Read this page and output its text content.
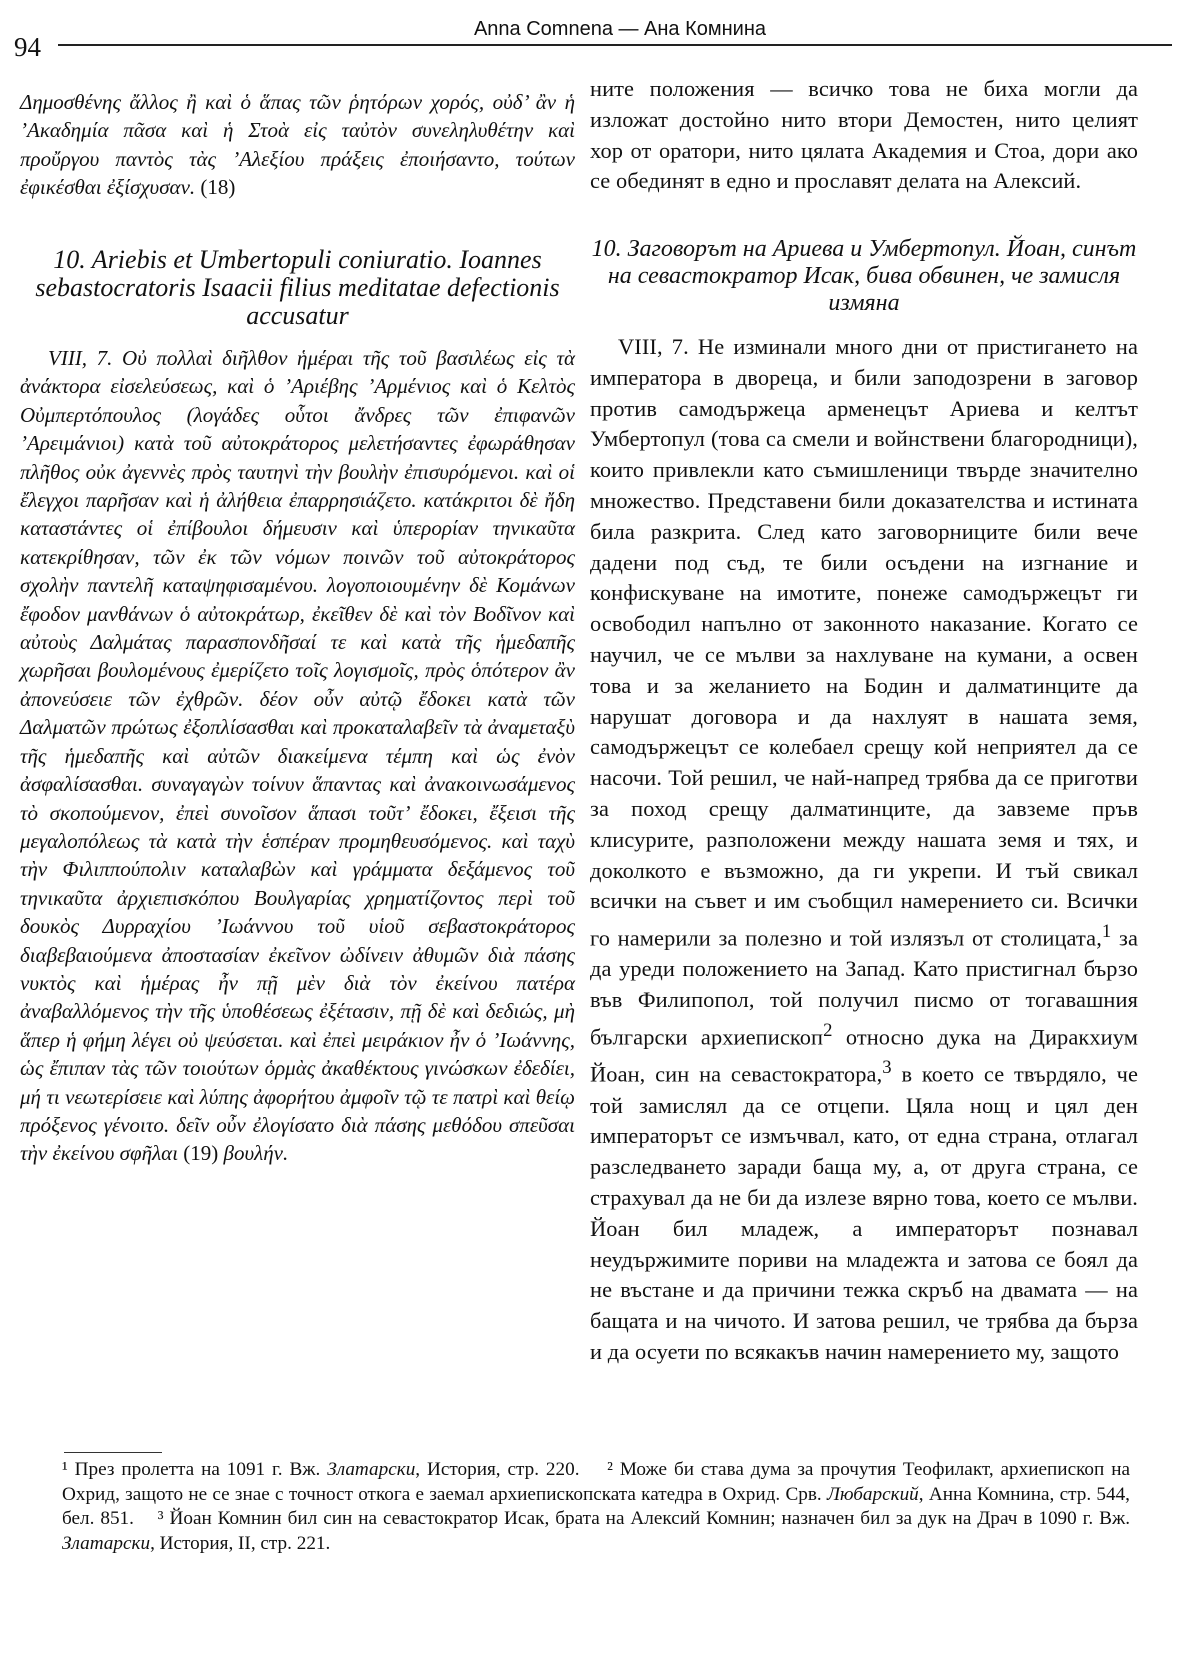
94
Anna Comnena — Ана Комнина

Δημοσθένης ἄλλος ἢ καὶ ὁ ἅπας τῶν ῥητόρων χορός, οὐδ’ ἂν ἡ ’Ακαδημία πᾶσα καὶ ἡ Στοὰ εἰς ταὐτὸν συνεληλυθέτην καὶ προὔργου παντὸς τὰς ’Αλεξίου πράξεις ἐποιήσαντο, τούτων ἐφικέσθαι ἐξίσχυσαν. (18)

10. Ariebis et Umbertopuli coniuratio. Ioannes sebastocratoris Isaacii filius meditatae defectionis accusatur

VIII, 7. Οὐ πολλαὶ διῆλθον ἡμέραι τῆς τοῦ βασιλέως εἰς τὰ ἀνάκτορα εἰσελεύσεως, καὶ ὁ ’Αριέβης ’Αρμένιος καὶ ὁ Κελτὸς Οὐμπερτόπουλος (λογάδες οὗτοι ἄνδρες τῶν ἐπιφανῶν ’Αρειμάνιοι) κατὰ τοῦ αὐτοκράτορος μελετήσαντες ἐφωράθησαν πλῆθος οὐκ ἀγεννὲς πρὸς ταυτηνὶ τὴν βουλὴν ἐπισυρόμενοι. καὶ οἱ ἔλεγχοι παρῆσαν καὶ ἡ ἀλήθεια ἐπαρρησιάζετο. κατάκριτοι δὲ ἤδη καταστάντες οἱ ἐπίβουλοι δήμευσιν καὶ ὑπερορίαν τηνικαῦτα κατεκρίθησαν, τῶν ἐκ τῶν νόμων ποινῶν τοῦ αὐτοκράτορος σχολὴν παντελῆ καταψηφισαμένου. λογοποιουμένην δὲ Κομάνων ἔφοδον μανθάνων ὁ αὐτοκράτωρ, ἐκεῖθεν δὲ καὶ τὸν Βοδῖνον καὶ αὐτοὺς Δαλμάτας παρασπονδῆσαί τε καὶ κατὰ τῆς ἡμεδαπῆς χωρῆσαι βουλομένους ἐμερίζετο τοῖς λογισμοῖς, πρὸς ὁπότερον ἂν ἀπονεύσειε τῶν ἐχθρῶν. δέον οὖν αὐτῷ ἔδοκει κατὰ τῶν Δαλματῶν πρώτως ἐξοπλίσασθαι καὶ προκαταλαβεῖν τὰ ἀναμεταξὺ τῆς ἡμεδαπῆς καὶ αὐτῶν διακείμενα τέμπη καὶ ὡς ἐνὸν ἀσφαλίσασθαι. συναγαγὼν τοίνυν ἅπαντας καὶ ἀνακοινωσάμενος τὸ σκοπούμενον, ἐπεὶ συνοῖσον ἅπασι τοῦτ’ ἔδοκει, ἔξεισι τῆς μεγαλοπόλεως τὰ κατὰ τὴν ἑσπέραν προμηθευσόμενος. καὶ ταχὺ τὴν Φιλιππούπολιν καταλαβὼν καὶ γράμματα δεξάμενος τοῦ τηνικαῦτα ἀρχιεπισκόπου Βουλγαρίας χρηματίζοντος περὶ τοῦ δουκὸς Δυρραχίου ’Ιωάννου τοῦ υἱοῦ σεβαστοκράτορος διαβεβαιούμενα ἀποστασίαν ἐκεῖνον ὠδίνειν ἀθυμῶν διὰ πάσης νυκτὸς καὶ ἡμέρας ἦν πῇ μὲν διὰ τὸν ἐκείνου πατέρα ἀναβαλλόμενος τὴν τῆς ὑποθέσεως ἐξέτασιν, πῇ δὲ καὶ δεδιώς, μὴ ἅπερ ἡ φήμη λέγει οὐ ψεύσεται. καὶ ἐπεὶ μειράκιον ἦν ὁ ’Ιωάννης, ὡς ἔπιπαν τὰς τῶν τοιούτων ὁρμὰς ἀκαθέκτους γινώσκων ἐδεδίει, μή τι νεωτερίσειε καὶ λύπης ἀφορήτου ἀμφοῖν τῷ τε πατρὶ καὶ θείῳ πρόξενος γένοιτο. δεῖν οὖν ἐλογίσατο διὰ πάσης μεθόδου σπεῦσαι τὴν ἐκείνου σφῆλαι (19) βουλήν.

ните положения — всичко това не биха могли да изложат достойно нито втори Демостен, нито целият хор от оратори, нито цялата Академия и Стоа, дори ако се обединят в едно и прославят делата на Алексий.

10. Заговорът на Ариева и Умбертопул. Йоан, синът на севастократор Исак, бива обвинен, че замисля измяна

VIII, 7. Не изминали много дни от пристигането на императора в двореца, и били заподозрени в заговор против самодържеца арменецът Ариева и келтът Умбертопул (това са смели и войнствени благородници), които привлекли като съмишленици твърде значително множество. Представени били доказателства и истината била разкрита. След като заговорниците били вече дадени под съд, те били осъдени на изгнание и конфискуване на имотите, понеже самодържецът ги освободил напълно от законното наказание. Когато се научил, че се мълви за нахлуване на кумани, а освен това и за желанието на Бодин и далматинците да нарушат договора и да нахлуят в нашата земя, самодържецът се колебаел срещу кой неприятел да се насочи. Той решил, че най-напред трябва да се приготви за поход срещу далматинците, да завземе пръв клисурите, разположени между нашата земя и тях, и доколкото е възможно, да ги укрепи. И тъй свикал всички на съвет и им съобщил намерението си. Всички го намерили за полезно и той излязъл от столицата,$^1$ за да уреди положението на Запад. Като пристигнал бързо във Филипопол, той получил писмо от тогавашния български архиепископ$^2$ относно дука на Диракхиум Йоан, син на севастократора,$^3$ в което се твърдяло, че той замислял да се отцепи. Цяла нощ и цял ден императорът се измъчвал, като, от една страна, отлагал разследването заради баща му, а, от друга страна, се страхувал да не би да излезе вярно това, което се мълви. Йоан бил младеж, а императорът познавал неудържимите пориви на младежта и затова се боял да не въстане и да причини тежка скръб на двамата — на бащата и на чичото. И затова решил, че трябва да бърза и да осуети по всякакъв начин намерението му, защото

¹ През пролетта на 1091 г. Вж. Златарски, История, стр. 220. ² Може би става дума за прочутия Теофилакт, архиепископ на Охрид, защото не се знае с точност откога е заемал архиепископската катедра в Охрид. Срв. Любарский, Анна Комнина, стр. 544, бел. 851. ³ Йоан Комнин бил син на севастократор Исак, брата на Алексий Комнин; назначен бил за дук на Драч в 1090 г. Вж. Златарски, История, II, стр. 221.
